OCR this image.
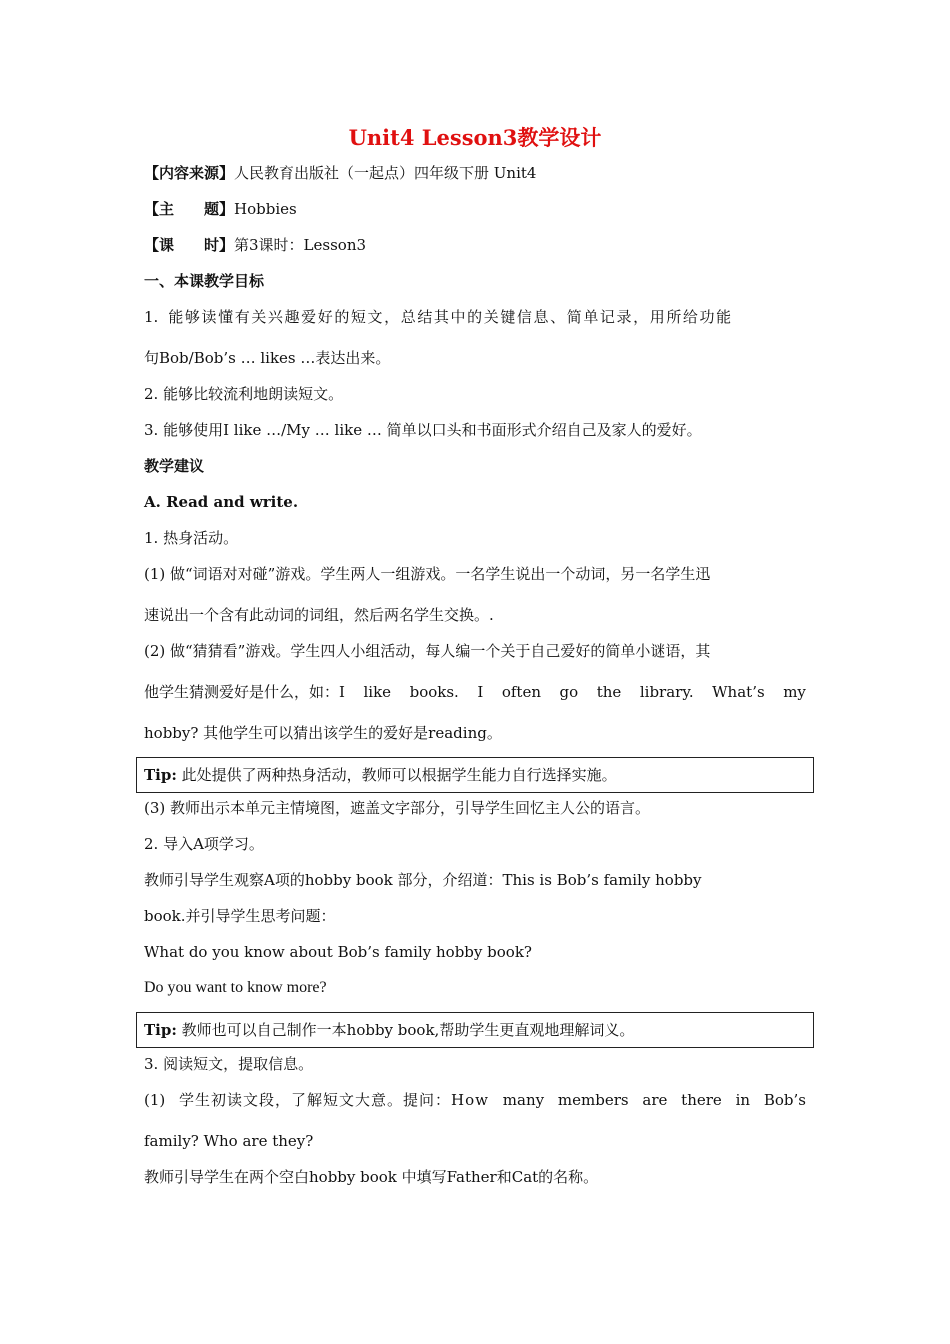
Unit4 Lesson3教学设计
【内容来源】人民教育出版社（一起点）四年级下册 Unit4
【主　　题】Hobbies
【课　　时】第3课时：Lesson3
一、本课教学目标
1. 能够读懂有关兴趣爱好的短文，总结其中的关键信息、简单记录，用所给功能
句Bob/Bob’s … likes …表达出来。
2. 能够比较流利地朗读短文。
3. 能够使用I like …/My … like … 简单以口头和书面形式介绍自己及家人的爱好。
教学建议
A. Read and write.
1. 热身活动。
(1) 做“词语对对碰”游戏。学生两人一组游戏。一名学生说出一个动词，另一名学生迅
速说出一个含有此动词的词组，然后两名学生交换。.
(2) 做“猜猜看”游戏。学生四人小组活动，每人编一个关于自己爱好的简单小谜语，其
他学生猜测爱好是什么，如：I like books. I often go the library. What’s my
hobby? 其他学生可以猜出该学生的爱好是reading。
Tip: 此处提供了两种热身活动，教师可以根据学生能力自行选择实施。
(3) 教师出示本单元主情境图，遮盖文字部分，引导学生回忆主人公的语言。
2. 导入A项学习。
教师引导学生观察A项的hobby book 部分，介绍道：This is Bob’s family hobby
book.并引导学生思考问题：
What do you know about Bob’s family hobby book?
Do you want to know more?
Tip: 教师也可以自己制作一本hobby book,帮助学生更直观地理解词义。
3. 阅读短文，提取信息。
(1) 学生初读文段，了解短文大意。提问：How many members are there in Bob’s
family? Who are they?
教师引导学生在两个空白hobby book 中填写Father和Cat的名称。
